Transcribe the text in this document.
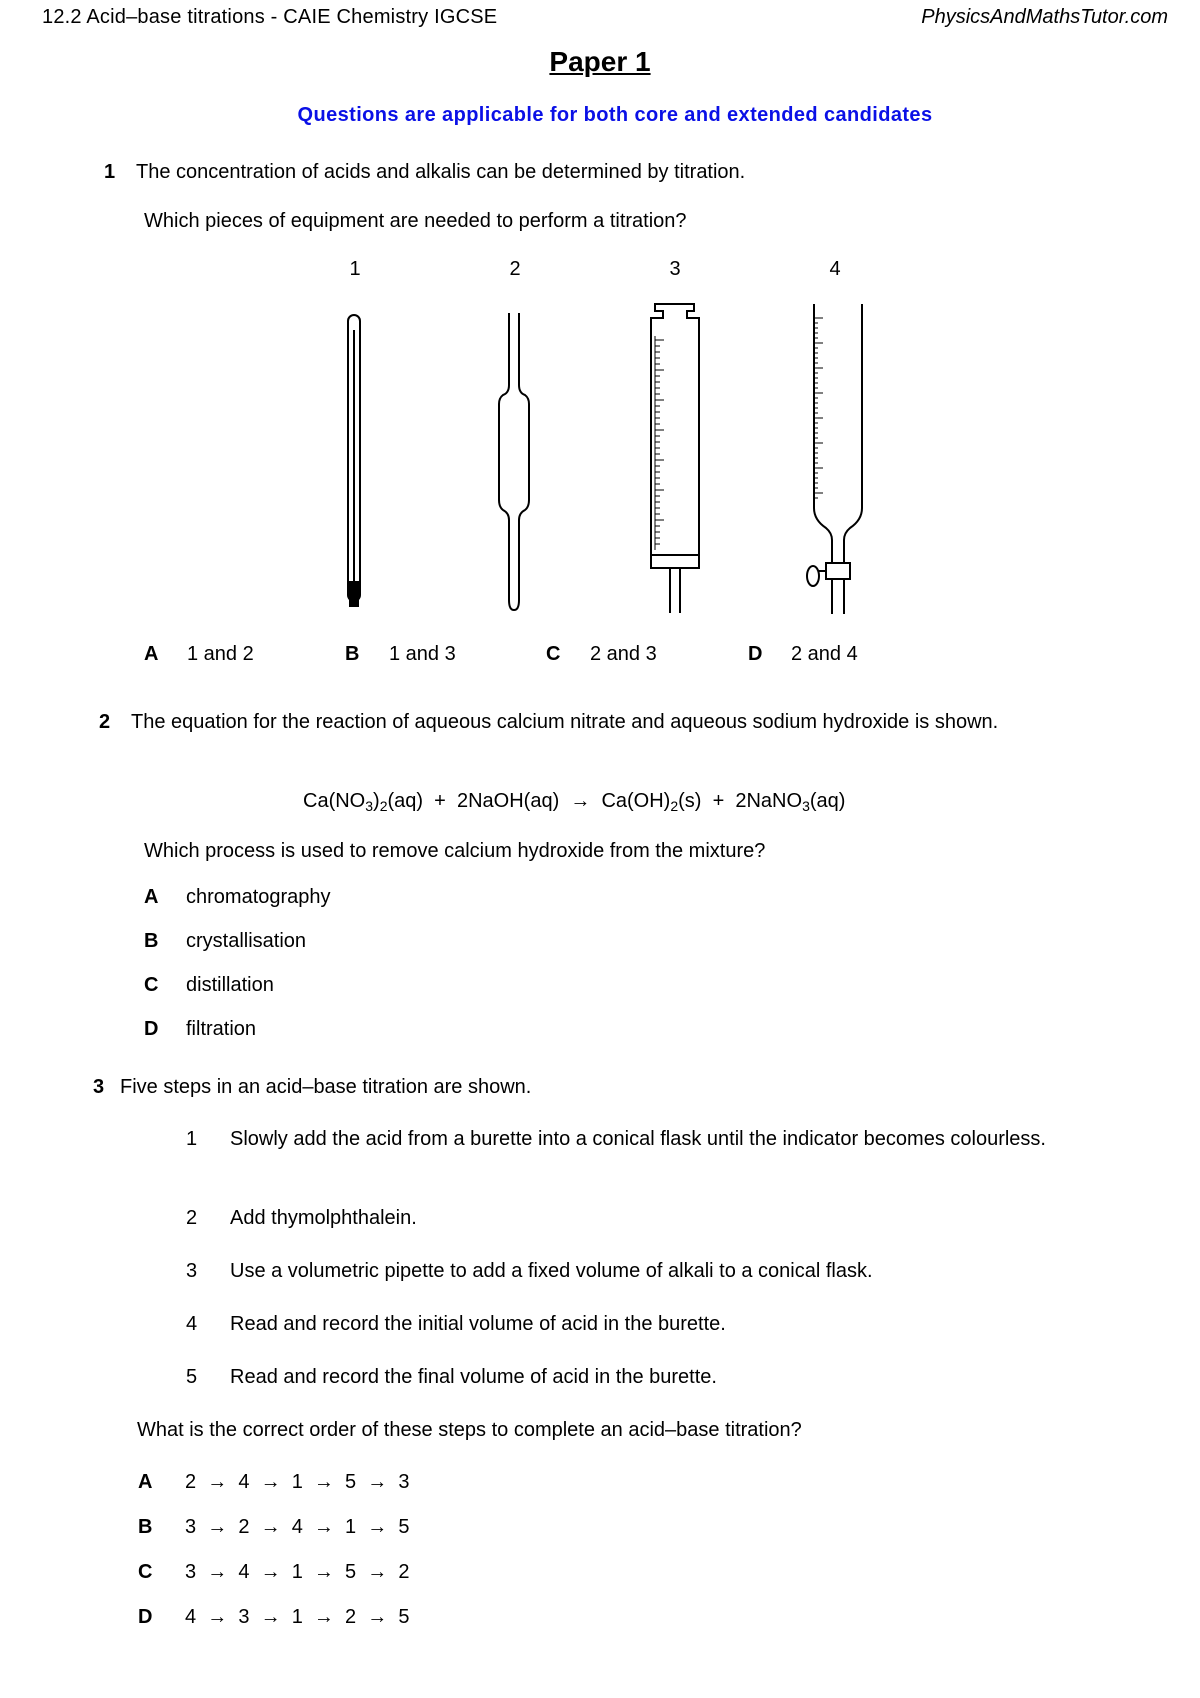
12.2 Acid–base titrations - CAIE Chemistry IGCSE	PhysicsAndMathsTutor.com
Paper 1
Questions are applicable for both core and extended candidates
1 The concentration of acids and alkalis can be determined by titration.
Which pieces of equipment are needed to perform a titration?
1	2	3	4
A 1 and 2	B 1 and 3	C 2 and 3	D 2 and 4
2 The equation for the reaction of aqueous calcium nitrate and aqueous sodium hydroxide is shown.
$Ca(NO_3)_2(aq)$  +  2NaOH(aq)  →  $Ca(OH)_2(s)$  +  2NaNO$_3$(aq)
Which process is used to remove calcium hydroxide from the mixture?
A chromatography
B crystallisation
C distillation
D filtration
3 Five steps in an acid–base titration are shown.
1 Slowly add the acid from a burette into a conical flask until the indicator becomes colourless.
2 Add thymolphthalein.
3 Use a volumetric pipette to add a fixed volume of alkali to a conical flask.
4 Read and record the initial volume of acid in the burette.
5 Read and record the final volume of acid in the burette.
What is the correct order of these steps to complete an acid–base titration?
A 2  →  4  →  1  →  5  →  3
B 3  →  2  →  4  →  1  →  5
C 3  →  4  →  1  →  5  →  2
D 4  →  3  →  1  →  2  →  5
